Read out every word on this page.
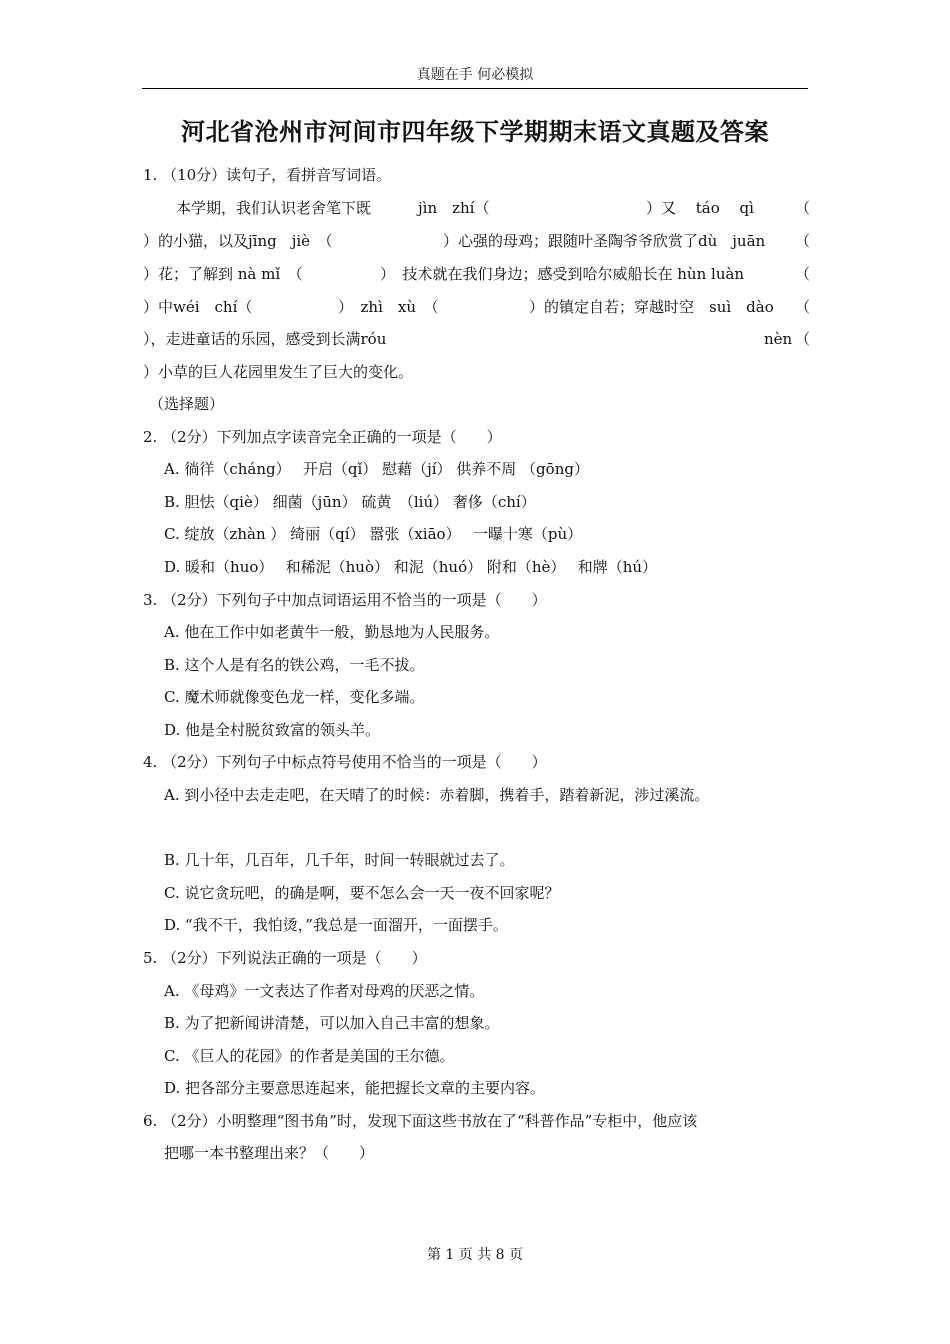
真题在手 何必模拟
河北省沧州市河间市四年级下学期期末语文真题及答案
1. （10分）读句子，看拼音写词语。
本学期，我们认识老舍笔下既	jìn　zhí（	）又　 táo　 qì	（
）的小猫，以及jīng　jiè　（	）心强的母鸡；跟随叶圣陶爷爷欣赏了dù　juān （
）花；了解到 nà mǐ　（	）　技术就在我们身边；感受到哈尔威船长在 hùn luàn	（
）中wéi　chí（	）　zhì　xù　（	）的镇定自若；穿越时空　suì　dào （
），走进童话的乐园，感受到长满róu	nèn （
）小草的巨人花园里发生了巨大的变化。
（选择题）
2. （2分）下列加点字读音完全正确的一项是（　　）
A. 徜徉（cháng）　 开启（qǐ） 慰藉（jí） 供养不周 （gōng）
B. 胆怯（qiè） 细菌（jūn） 硫黄　（liú） 奢侈（chí）
C. 绽放（zhàn ） 绮丽（qí） 嚣张（xiāo）　 一曝十寒（pù）
D. 暖和（huo）　 和稀泥（huò） 和泥（huó） 附和（hè）　 和牌（hú）
3. （2分）下列句子中加点词语运用不恰当的一项是（　　）
A. 他在工作中如老黄牛一般，勤恳地为人民服务。
B. 这个人是有名的铁公鸡，一毛不拔。
C. 魔术师就像变色龙一样，变化多端。
D. 他是全村脱贫致富的领头羊。
4. （2分）下列句子中标点符号使用不恰当的一项是（　　）
A. 到小径中去走走吧，在天晴了的时候：赤着脚，携着手，踏着新泥，涉过溪流。
B. 几十年，几百年，几千年，时间一转眼就过去了。
C. 说它贪玩吧，的确是啊，要不怎么会一天一夜不回家呢？
D. “我不干，我怕烫，”我总是一面溜开，一面摆手。
5. （2分）下列说法正确的一项是（　　）
A. 《母鸡》一文表达了作者对母鸡的厌恶之情。
B. 为了把新闻讲清楚，可以加入自己丰富的想象。
C. 《巨人的花园》的作者是美国的王尔德。
D. 把各部分主要意思连起来，能把握长文章的主要内容。
6. （2分）小明整理“图书角”时，发现下面这些书放在了“科普作品”专柜中，他应该
把哪一本书整理出来？（　　）
第 1 页 共 8 页
